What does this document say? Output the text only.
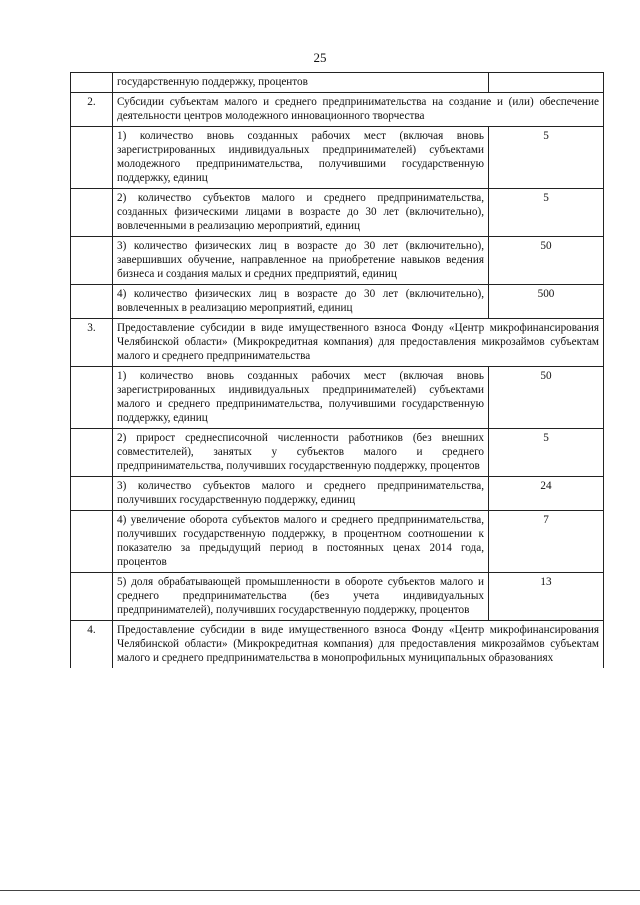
25
	государственную поддержку, процентов	
2.	Субсидии субъектам малого и среднего предпринимательства на создание и (или) обеспечение деятельности центров молодежного инновационного творчества	
	1) количество вновь созданных рабочих мест (включая вновь зарегистрированных индивидуальных предпринимателей) субъектами молодежного предпринимательства, получившими государственную поддержку, единиц	5
	2) количество субъектов малого и среднего предпринимательства, созданных физическими лицами в возрасте до 30 лет (включительно), вовлеченными в реализацию мероприятий, единиц	5
	3) количество физических лиц в возрасте до 30 лет (включительно), завершивших обучение, направленное на приобретение навыков ведения бизнеса и создания малых и средних предприятий, единиц	50
	4) количество физических лиц в возрасте до 30 лет (включительно), вовлеченных в реализацию мероприятий, единиц	500
3.	Предоставление субсидии в виде имущественного взноса Фонду «Центр микрофинансирования Челябинской области» (Микрокредитная компания) для предоставления микрозаймов субъектам малого и среднего предпринимательства	
	1) количество вновь созданных рабочих мест (включая вновь зарегистрированных индивидуальных предпринимателей) субъектами малого и среднего предпринимательства, получившими государственную поддержку, единиц	50
	2) прирост среднесписочной численности работников (без внешних совместителей), занятых у субъектов малого и среднего предпринимательства, получивших государственную поддержку, процентов	5
	3) количество субъектов малого и среднего предпринимательства, получивших государственную поддержку, единиц	24
	4) увеличение оборота субъектов малого и среднего предпринимательства, получивших государственную поддержку, в процентном соотношении к показателю за предыдущий период в постоянных ценах 2014 года, процентов	7
	5) доля обрабатывающей промышленности в обороте субъектов малого и среднего предпринимательства (без учета индивидуальных предпринимателей), получивших государственную поддержку, процентов	13
4.	Предоставление субсидии в виде имущественного взноса Фонду «Центр микрофинансирования Челябинской области» (Микрокредитная компания) для предоставления микрозаймов субъектам малого и среднего предпринимательства в монопрофильных муниципальных образованиях	
